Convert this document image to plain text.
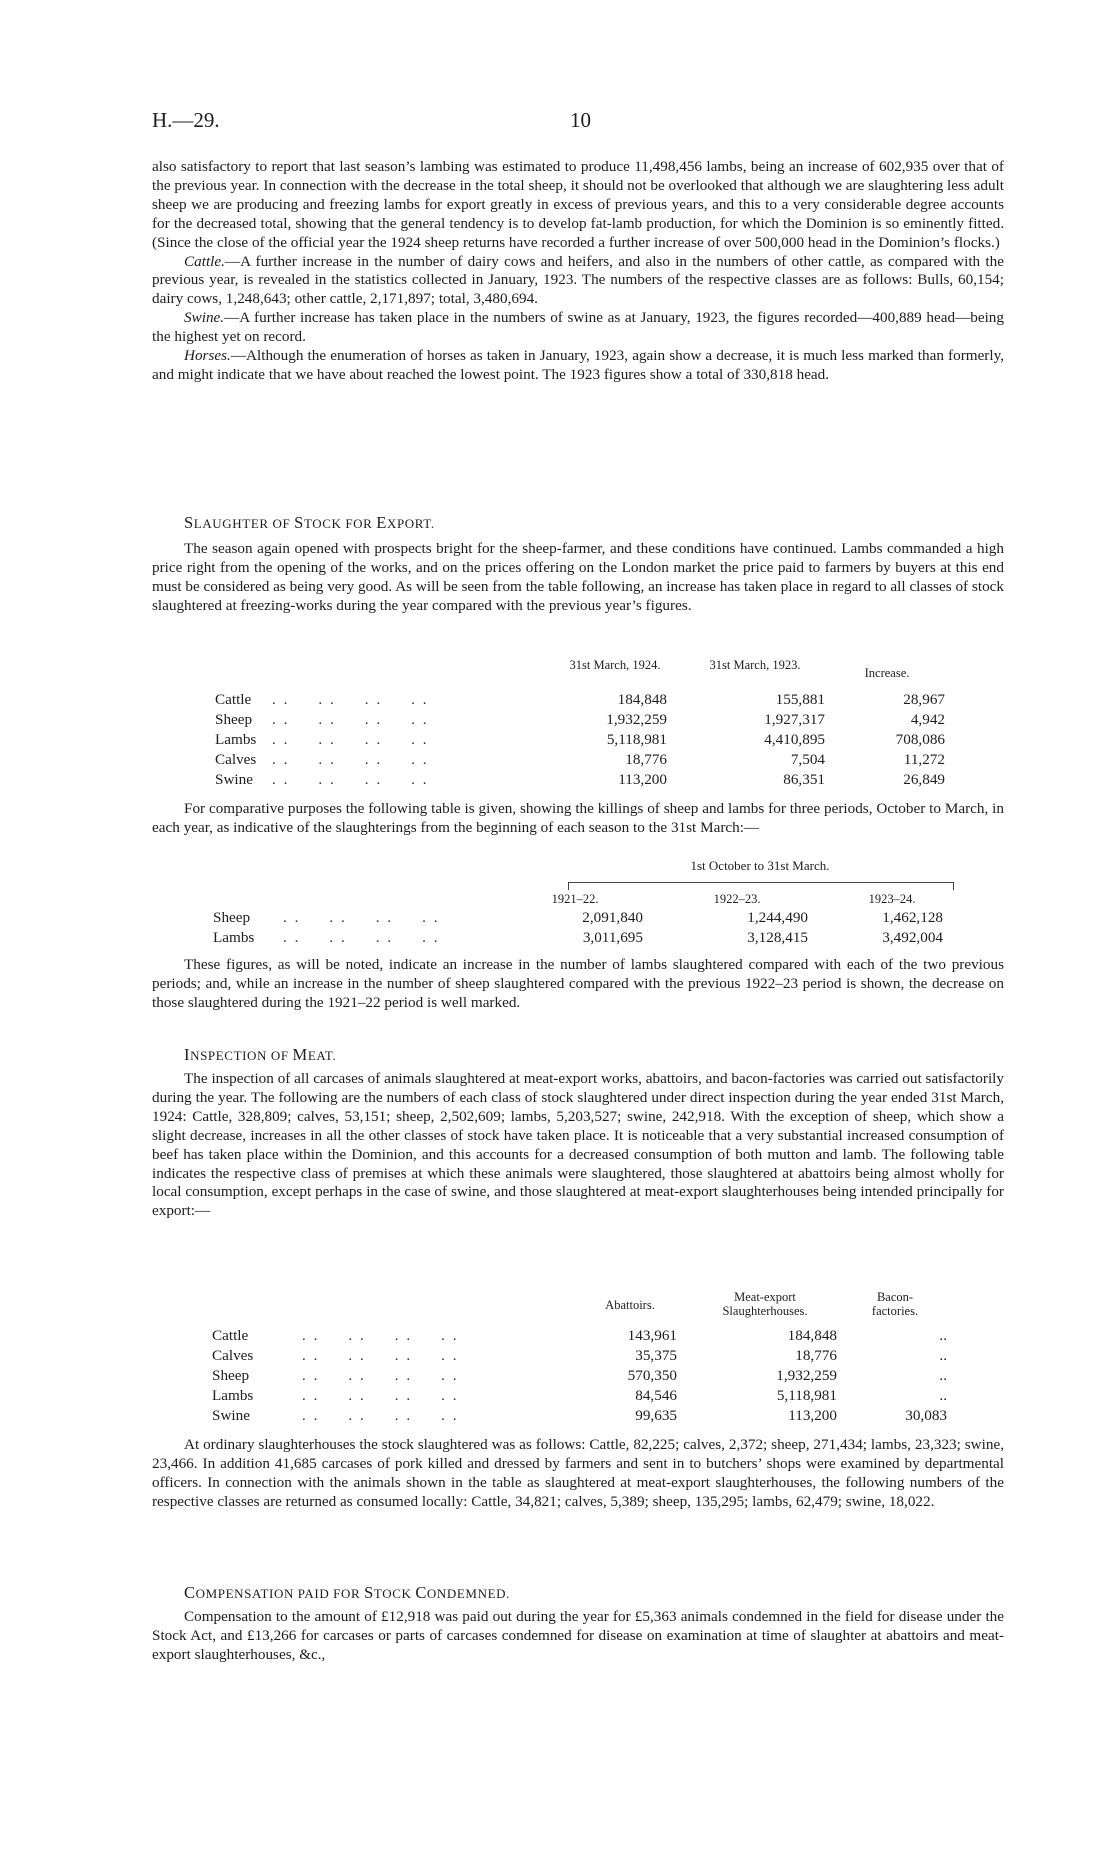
H.—29.	10

also satisfactory to report that last season’s lambing was estimated to produce 11,498,456 lambs, being an increase of 602,935 over that of the previous year. In connection with the decrease in the total sheep, it should not be overlooked that although we are slaughtering less adult sheep we are producing and freezing lambs for export greatly in excess of previous years, and this to a very considerable degree accounts for the decreased total, showing that the general tendency is to develop fat-lamb production, for which the Dominion is so eminently fitted. (Since the close of the official year the 1924 sheep returns have recorded a further increase of over 500,000 head in the Dominion’s flocks.)

Cattle.—A further increase in the number of dairy cows and heifers, and also in the numbers of other cattle, as compared with the previous year, is revealed in the statistics collected in January, 1923. The numbers of the respective classes are as follows: Bulls, 60,154; dairy cows, 1,248,643; other cattle, 2,171,897; total, 3,480,694.

Swine.—A further increase has taken place in the numbers of swine as at January, 1923, the figures recorded—400,889 head—being the highest yet on record.

Horses.—Although the enumeration of horses as taken in January, 1923, again show a decrease, it is much less marked than formerly, and might indicate that we have about reached the lowest point. The 1923 figures show a total of 330,818 head.

SLAUGHTER OF STOCK FOR EXPORT.

The season again opened with prospects bright for the sheep-farmer, and these conditions have continued. Lambs commanded a high price right from the opening of the works, and on the prices offering on the London market the price paid to farmers by buyers at this end must be considered as being very good. As will be seen from the table following, an increase has taken place in regard to all classes of stock slaughtered at freezing-works during the year compared with the previous year’s figures.

31st March, 1924.	31st March, 1923.
Increase.
Cattle . .     . .     . .     . .	184,848	155,881	28,967
Sheep . .     . .     . .     . .	1,932,259	1,927,317	4,942
Lambs . .     . .     . .     . .	5,118,981	4,410,895	708,086
Calves . .     . .     . .     . .	18,776	7,504	11,272
Swine . .     . .     . .     . .	113,200	86,351	26,849

For comparative purposes the following table is given, showing the killings of sheep and lambs for three periods, October to March, in each year, as indicative of the slaughterings from the beginning of each season to the 31st March:—

1st October to 31st March.
1921–22.	1922–23.	1923–24.
Sheep . .     . .     . .     . .	2,091,840	1,244,490	1,462,128
Lambs . .     . .     . .     . .	3,011,695	3,128,415	3,492,004

These figures, as will be noted, indicate an increase in the number of lambs slaughtered compared with each of the two previous periods; and, while an increase in the number of sheep slaughtered compared with the previous 1922–23 period is shown, the decrease on those slaughtered during the 1921–22 period is well marked.

INSPECTION OF MEAT.

The inspection of all carcases of animals slaughtered at meat-export works, abattoirs, and bacon-factories was carried out satisfactorily during the year. The following are the numbers of each class of stock slaughtered under direct inspection during the year ended 31st March, 1924: Cattle, 328,809; calves, 53,151; sheep, 2,502,609; lambs, 5,203,527; swine, 242,918. With the exception of sheep, which show a slight decrease, increases in all the other classes of stock have taken place. It is noticeable that a very substantial increased consumption of beef has taken place within the Dominion, and this accounts for a decreased consumption of both mutton and lamb. The following table indicates the respective class of premises at which these animals were slaughtered, those slaughtered at abattoirs being almost wholly for local consumption, except perhaps in the case of swine, and those slaughtered at meat-export slaughterhouses being intended principally for export:—

Abattoirs.
Meat-export Slaughterhouses.
Bacon-factories.
Cattle	. .     . .     . .     . .	143,961	184,848	..
Calves	. .     . .     . .     . .	35,375	18,776	..
Sheep	. .     . .     . .     . .	570,350	1,932,259	..
Lambs	. .     . .     . .     . .	84,546	5,118,981	..
Swine	. .     . .     . .     . .	99,635	113,200	30,083

At ordinary slaughterhouses the stock slaughtered was as follows: Cattle, 82,225; calves, 2,372; sheep, 271,434; lambs, 23,323; swine, 23,466. In addition 41,685 carcases of pork killed and dressed by farmers and sent in to butchers’ shops were examined by departmental officers. In connection with the animals shown in the table as slaughtered at meat-export slaughterhouses, the following numbers of the respective classes are returned as consumed locally: Cattle, 34,821; calves, 5,389; sheep, 135,295; lambs, 62,479; swine, 18,022.

COMPENSATION PAID FOR STOCK CONDEMNED.

Compensation to the amount of £12,918 was paid out during the year for £5,363 animals condemned in the field for disease under the Stock Act, and £13,266 for carcases or parts of carcases condemned for disease on examination at time of slaughter at abattoirs and meat-export slaughterhouses, &c.,
